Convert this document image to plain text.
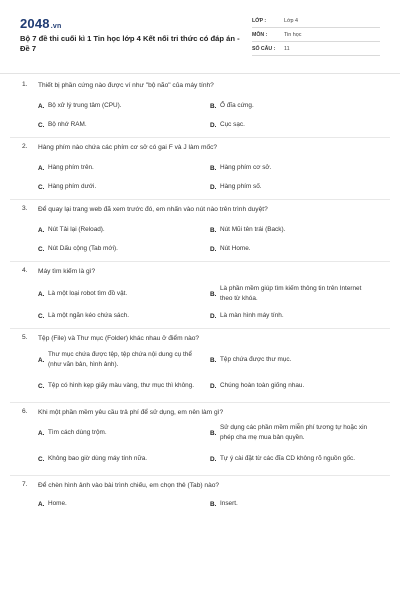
2048.vn
Bộ 7 đề thi cuối kì 1 Tin học lớp 4 Kết nối tri thức có đáp án - Đề 7
LỚP :	Lớp 4
MÔN :	Tin học
SỐ CÂU :	11
1.	Thiết bị phần cứng nào được ví như "bộ não" của máy tính?
A. Bộ xử lý trung tâm (CPU).	B. Ổ đĩa cứng.
C. Bộ nhớ RAM.	D. Cục sạc.
2.	Hàng phím nào chứa các phím cơ sở có gai F và J làm mốc?
A. Hàng phím trên.	B. Hàng phím cơ sở.
C. Hàng phím dưới.	D. Hàng phím số.
3.	Để quay lại trang web đã xem trước đó, em nhấn vào nút nào trên trình duyệt?
A. Nút Tải lại (Reload).	B. Nút Mũi tên trái (Back).
C. Nút Dấu cộng (Tab mới).	D. Nút Home.
4.	Máy tìm kiếm là gì?
A. Là một loại robot tìm đồ vật.	B.
Là phần mềm giúp tìm kiếm thông tin trên Internet theo từ khóa.
C. Là một ngăn kéo chứa sách.	D. Là màn hình máy tính.
5.	Tệp (File) và Thư mục (Folder) khác nhau ở điểm nào?
A.
Thư mục chứa được tệp, tệp chứa nội dung cụ thể (như văn bản, hình ảnh).
B. Tệp chứa được thư mục.
C. Tệp có hình kẹp giấy màu vàng, thư mục thì không.	D. Chúng hoàn toàn giống nhau.
6.	Khi một phần mềm yêu cầu trả phí để sử dụng, em nên làm gì?
A. Tìm cách dùng trộm.	B.
Sử dụng các phần mềm miễn phí tương tự hoặc xin phép cha mẹ mua bản quyền.
C. Không bao giờ dùng máy tính nữa.	D. Tự ý cài đặt từ các đĩa CD không rõ nguồn gốc.
7.	Để chèn hình ảnh vào bài trình chiếu, em chọn thẻ (Tab) nào?
A. Home.	B. Insert.
